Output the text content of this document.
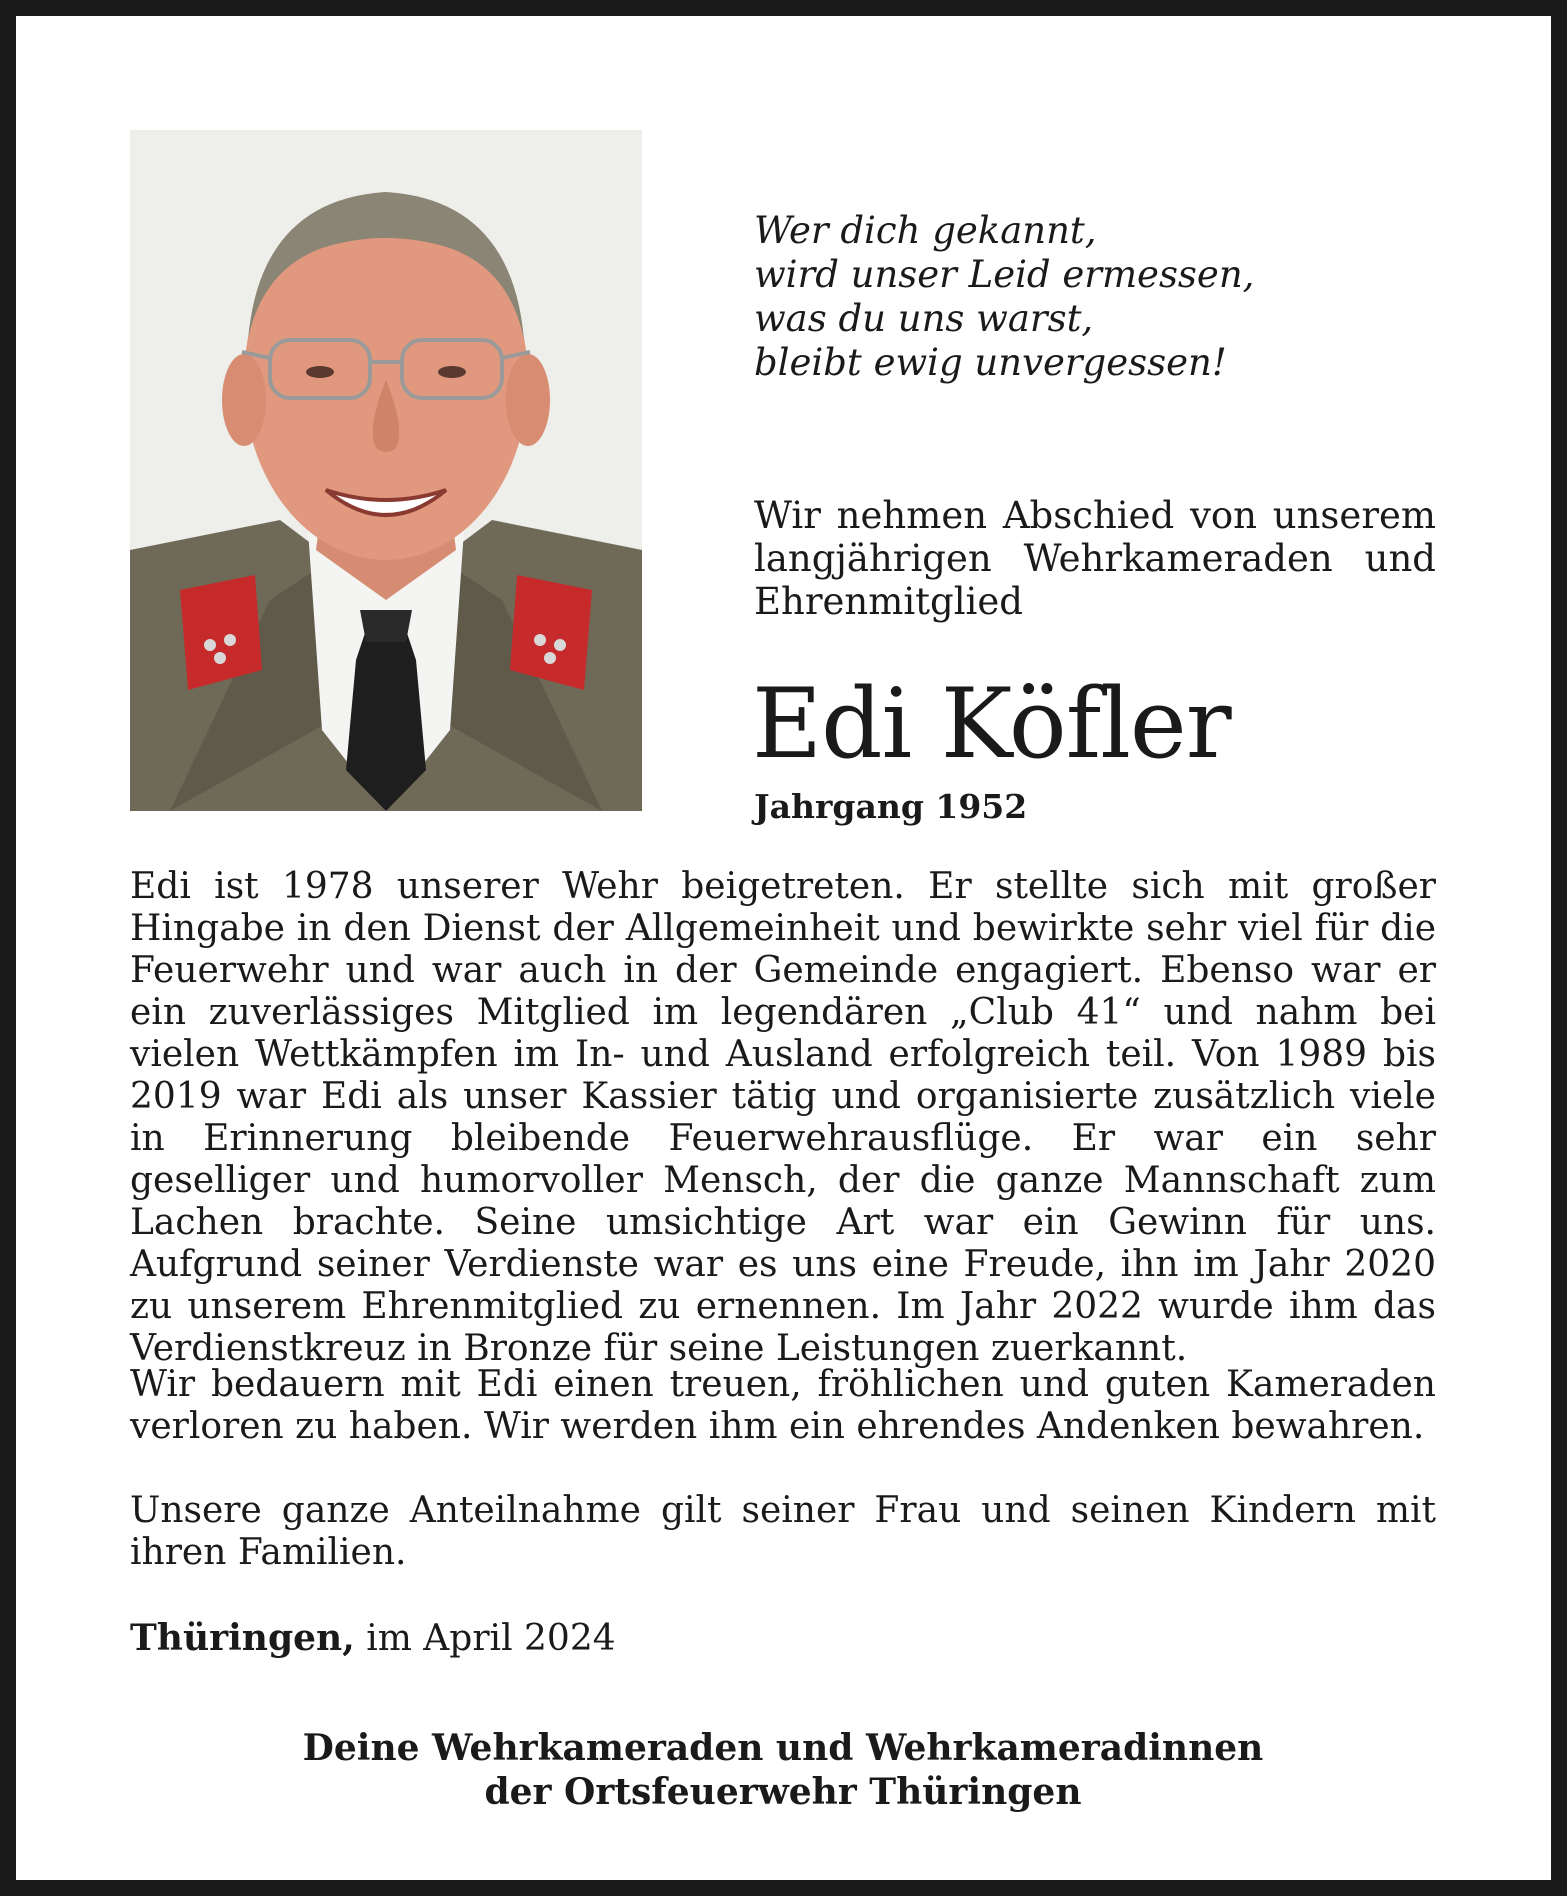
Wer dich gekannt,
wird unser Leid ermessen,
was du uns warst,
bleibt ewig unvergessen!

Wir nehmen Abschied von unserem langjährigen Wehrkameraden und Ehrenmitglied

Edi Köfler

Jahrgang 1952

Edi ist 1978 unserer Wehr beigetreten. Er stellte sich mit großer Hingabe in den Dienst der Allgemeinheit und bewirkte sehr viel für die Feuerwehr und war auch in der Gemeinde engagiert. Ebenso war er ein zuverlässiges Mitglied im legendären „Club 41“ und nahm bei vielen Wettkämpfen im In- und Ausland erfolgreich teil. Von 1989 bis 2019 war Edi als unser Kassier tätig und organisierte zusätzlich viele in Erinnerung bleibende Feuerwehrausflüge. Er war ein sehr geselliger und humorvoller Mensch, der die ganze Mannschaft zum Lachen brachte. Seine umsichtige Art war ein Gewinn für uns. Aufgrund seiner Verdienste war es uns eine Freude, ihn im Jahr 2020 zu unserem Ehrenmitglied zu ernennen. Im Jahr 2022 wurde ihm das Verdienstkreuz in Bronze für seine Leistungen zuerkannt.

Wir bedauern mit Edi einen treuen, fröhlichen und guten Kameraden verloren zu haben. Wir werden ihm ein ehrendes Andenken bewahren.

Unsere ganze Anteilnahme gilt seiner Frau und seinen Kindern mit ihren Familien.

Thüringen, im April 2024

Deine Wehrkameraden und Wehrkameradinnen
der Ortsfeuerwehr Thüringen
